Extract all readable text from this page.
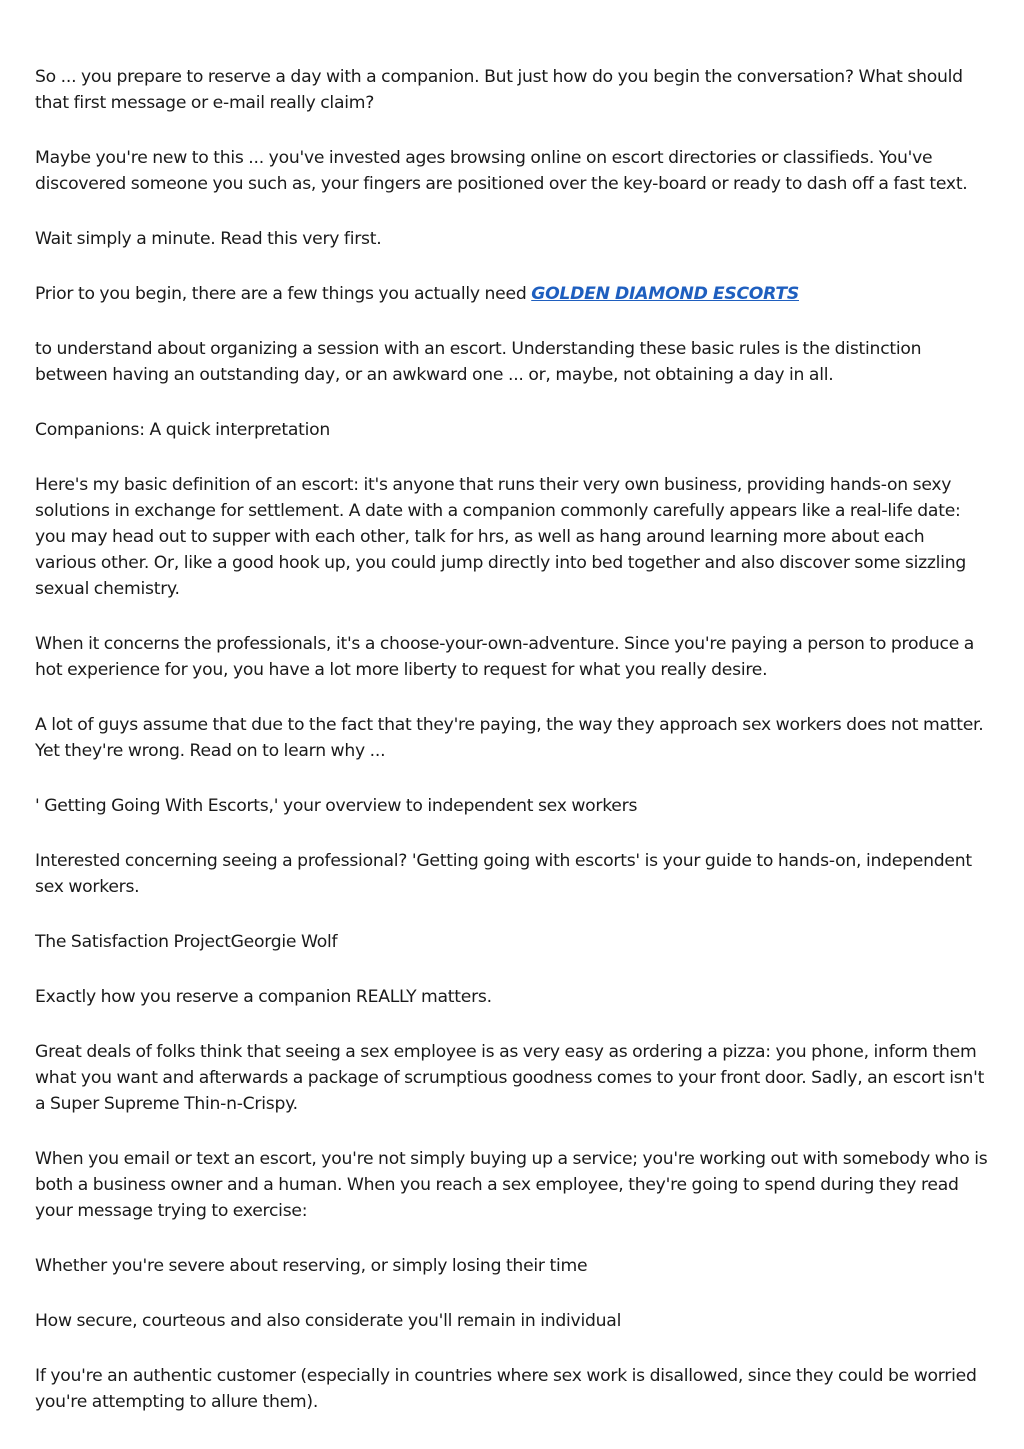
So ... you prepare to reserve a day with a companion. But just how do you begin the conversation? What should that first message or e-mail really claim?

Maybe you're new to this ... you've invested ages browsing online on escort directories or classifieds. You've discovered someone you such as, your fingers are positioned over the key-board or ready to dash off a fast text.

Wait simply a minute. Read this very first.

Prior to you begin, there are a few things you actually need GOLDEN DIAMOND ESCORTS

to understand about organizing a session with an escort. Understanding these basic rules is the distinction between having an outstanding day, or an awkward one ... or, maybe, not obtaining a day in all.

Companions: A quick interpretation

Here's my basic definition of an escort: it's anyone that runs their very own business, providing hands-on sexy solutions in exchange for settlement. A date with a companion commonly carefully appears like a real-life date: you may head out to supper with each other, talk for hrs, as well as hang around learning more about each various other. Or, like a good hook up, you could jump directly into bed together and also discover some sizzling sexual chemistry.

When it concerns the professionals, it's a choose-your-own-adventure. Since you're paying a person to produce a hot experience for you, you have a lot more liberty to request for what you really desire.

A lot of guys assume that due to the fact that they're paying, the way they approach sex workers does not matter. Yet they're wrong. Read on to learn why ...

' Getting Going With Escorts,' your overview to independent sex workers

Interested concerning seeing a professional? 'Getting going with escorts' is your guide to hands-on, independent sex workers.

The Satisfaction ProjectGeorgie Wolf

Exactly how you reserve a companion REALLY matters.

Great deals of folks think that seeing a sex employee is as very easy as ordering a pizza: you phone, inform them what you want and afterwards a package of scrumptious goodness comes to your front door. Sadly, an escort isn't a Super Supreme Thin-n-Crispy.

When you email or text an escort, you're not simply buying up a service; you're working out with somebody who is both a business owner and a human. When you reach a sex employee, they're going to spend during they read your message trying to exercise:

Whether you're severe about reserving, or simply losing their time

How secure, courteous and also considerate you'll remain in individual

If you're an authentic customer (especially in countries where sex work is disallowed, since they could be worried you're attempting to allure them).
